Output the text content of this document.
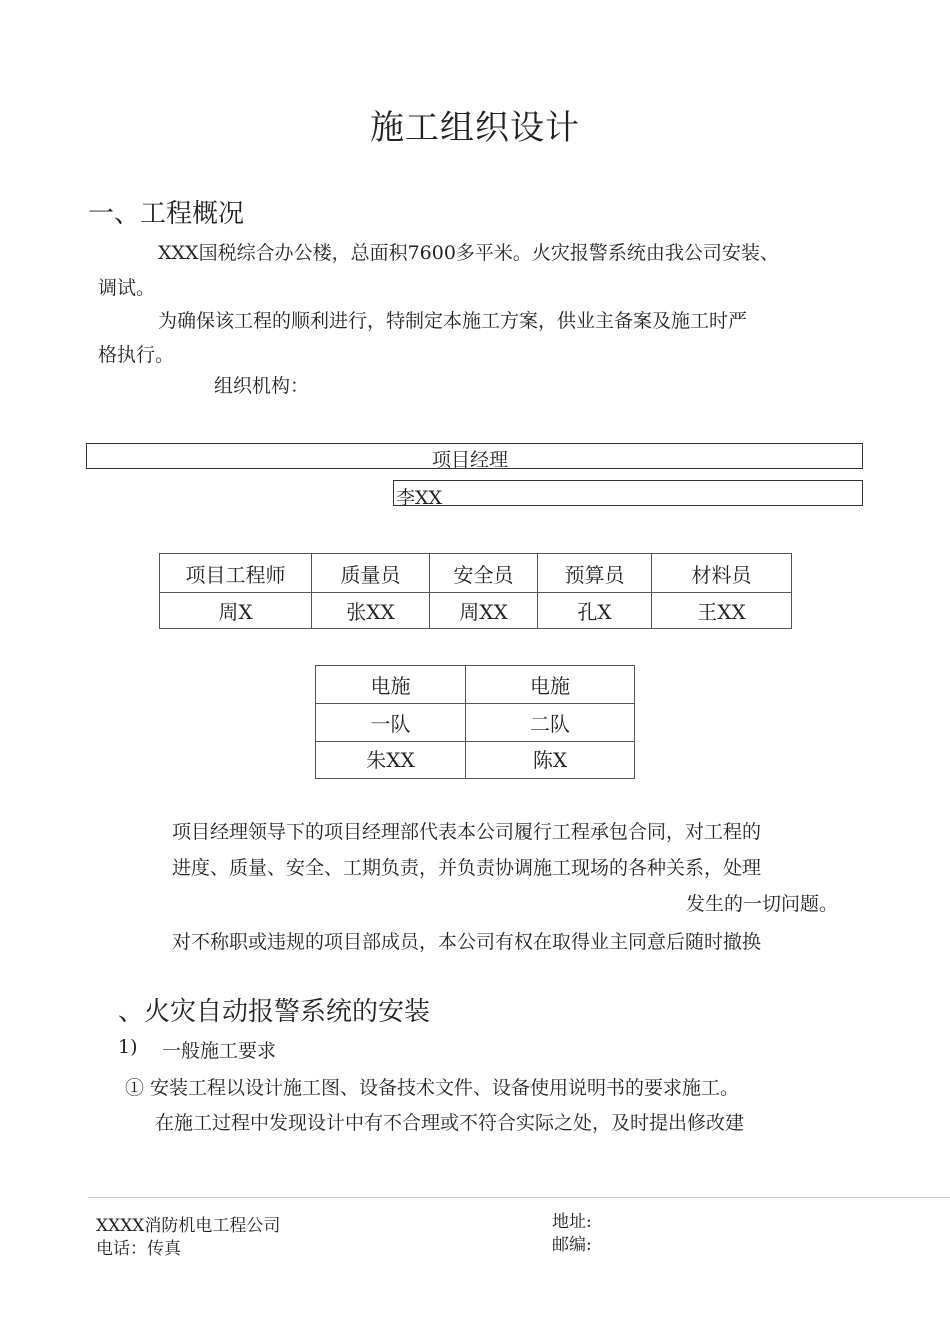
施工组织设计
一、工程概况
XXX国税综合办公楼，总面积7600多平米。火灾报警系统由我公司安装、
调试。
为确保该工程的顺利进行，特制定本施工方案，供业主备案及施工时严
格执行。
组织机构：
项目经理
李XX
项目工程师	质量员	安全员	预算员	材料员
周X	张XX	周XX	孔X	王XX
电施	电施
一队	二队
朱XX	陈X
项目经理领导下的项目经理部代表本公司履行工程承包合同，对工程的
进度、质量、安全、工期负责，并负责协调施工现场的各种关系，处理
发生的一切问题。
对不称职或违规的项目部成员，本公司有权在取得业主同意后随时撤换
、火灾自动报警系统的安装
1) 一般施工要求
① 安装工程以设计施工图、设备技术文件、设备使用说明书的要求施工。
在施工过程中发现设计中有不合理或不符合实际之处，及时提出修改建
XXXX消防机电工程公司
电话：传真
地址:
邮编:
